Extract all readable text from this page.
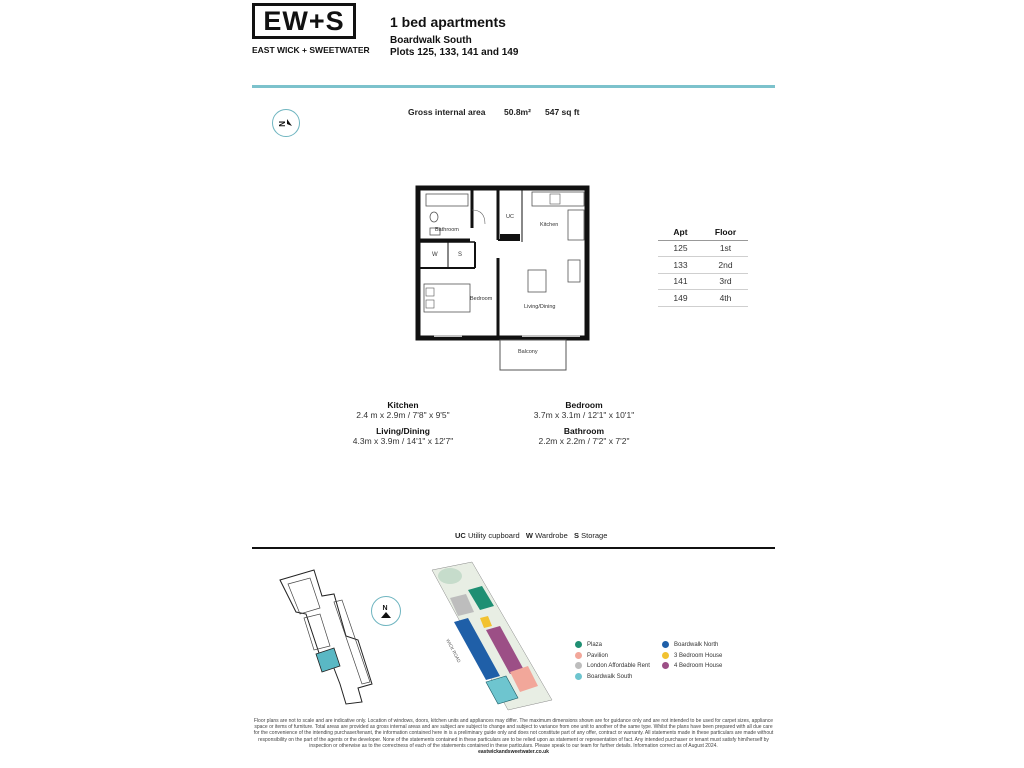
EW+S
EAST WICK + SWEETWATER
1 bed apartments
Boardwalk South
Plots 125, 133, 141 and 149
N
Gross internal area 50.8m² 547 sq ft
Bathroom
UC
Kitchen
W	S
Bedroom
Living/Dining
Balcony
Apt	Floor
125	1st
133	2nd
141	3rd
149	4th
Kitchen
2.4 m x 2.9m / 7'8" x 9'5"
Bedroom
3.7m x 3.1m / 12'1" x 10'1"
Living/Dining
4.3m x 3.9m / 14'1" x 12'7"
Bathroom
2.2m x 2.2m / 7'2" x 7'2"
UC Utility cupboard W Wardrobe S Storage
N
WICK ROAD	Plaza
Pavilion
London Affordable Rent
Boardwalk South
Boardwalk North
3 Bedroom House
4 Bedroom House
Floor plans are not to scale and are indicative only. Location of windows, doors, kitchen units and appliances may differ. The maximum dimensions shown are for guidance only and are not intended to be used for carpet sizes, appliance space or items of furniture. Total areas are provided as gross internal areas and are subject are subject to change and subject to variance from one unit to another of the same type. Whilst the plans have been prepared with all due care for the convenience of the intending purchaser/tenant, the information contained here in is a preliminary guide only and does not constitute part of any offer, contract or warranty. All statements made in these particulars are made without responsibility on the part of the agents or the developer. None of the statements contained in these particulars are to be relied upon as statement or representation of fact. Any intended purchaser or tenant must satisfy him/herself by inspection or otherwise as to the correctness of each of the statements contained in these particulars. Please speak to our team for further details. Information correct as of August 2024.
eastwickandsweetwater.co.uk
